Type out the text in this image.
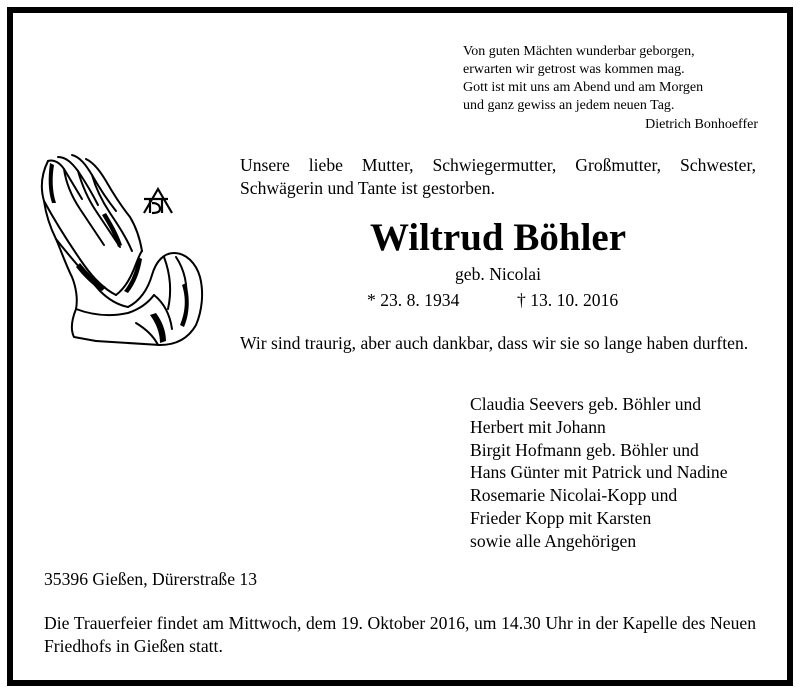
Von guten Mächten wunderbar geborgen,
erwarten wir getrost was kommen mag.
Gott ist mit uns am Abend und am Morgen
und ganz gewiss an jedem neuen Tag.
Dietrich Bonhoeffer
Unsere liebe Mutter, Schwiegermutter, Großmutter, Schwester, Schwägerin und Tante ist gestorben.
Wiltrud Böhler
geb. Nicolai
* 23. 8. 1934	† 13. 10. 2016
Wir sind traurig, aber auch dankbar, dass wir sie so lange haben durften.
Claudia Seevers geb. Böhler und
Herbert mit Johann
Birgit Hofmann geb. Böhler und
Hans Günter mit Patrick und Nadine
Rosemarie Nicolai-Kopp und
Frieder Kopp mit Karsten
sowie alle Angehörigen
35396 Gießen, Dürerstraße 13
Die Trauerfeier findet am Mittwoch, dem 19. Oktober 2016, um 14.30 Uhr in der Kapelle des Neuen Friedhofs in Gießen statt.
